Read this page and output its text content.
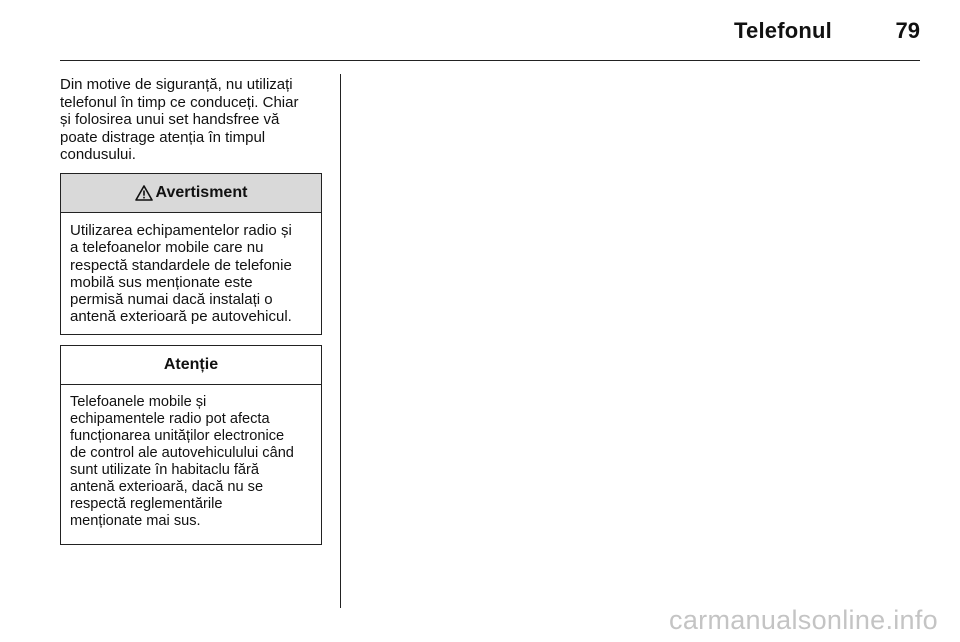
Telefonul	79
Din motive de siguranță, nu utilizați
telefonul în timp ce conduceți. Chiar
și folosirea unui set handsfree vă
poate distrage atenția în timpul
condusului.
Avertisment
Utilizarea echipamentelor radio și
a telefoanelor mobile care nu
respectă standardele de telefonie
mobilă sus menționate este
permisă numai dacă instalați o
antenă exterioară pe autovehicul.
Atenție
Telefoanele mobile și
echipamentele radio pot afecta
funcționarea unităților electronice
de control ale autovehiculului când
sunt utilizate în habitaclu fără
antenă exterioară, dacă nu se
respectă reglementările
menționate mai sus.
carmanualsonline.info
